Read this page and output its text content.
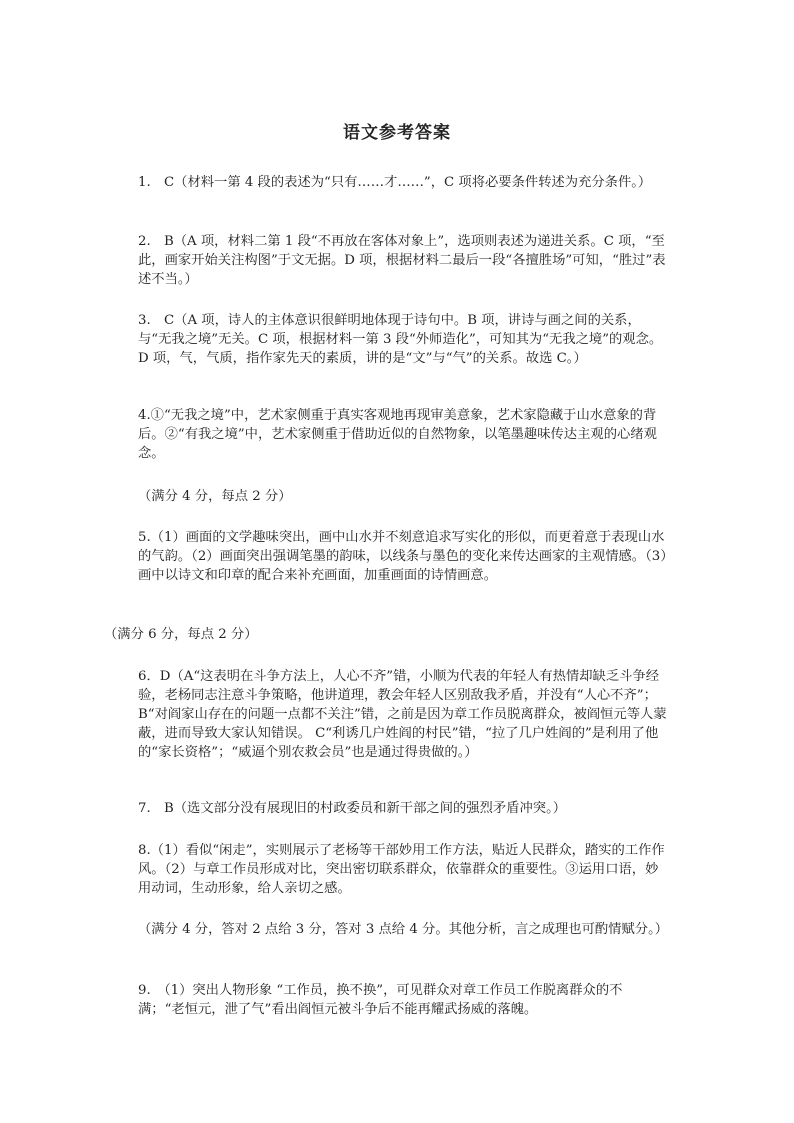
语文参考答案

1.　C（材料一第 4 段的表述为“只有……才……”，C 项将必要条件转述为充分条件。）

2.　B（A 项，材料二第 1 段“不再放在客体对象上”，选项则表述为递进关系。C 项，“至此，画家开始关注构图”于文无据。D 项，根据材料二最后一段“各擅胜场”可知，“胜过”表述不当。）

3.　C（A 项，诗人的主体意识很鲜明地体现于诗句中。B 项，讲诗与画之间的关系，与“无我之境”无关。C 项，根据材料一第 3 段“外师造化”，可知其为“无我之境”的观念。D 项，气，气质，指作家先天的素质，讲的是“文”与“气”的关系。故选 C。）

4.①“无我之境”中，艺术家侧重于真实客观地再现审美意象，艺术家隐藏于山水意象的背后。②“有我之境”中，艺术家侧重于借助近似的自然物象，以笔墨趣味传达主观的心绪观念。

（满分 4 分，每点 2 分）

5.（1）画面的文学趣味突出，画中山水并不刻意追求写实化的形似，而更着意于表现山水的气韵。（2）画面突出强调笔墨的韵味，以线条与墨色的变化来传达画家的主观情感。（3）画中以诗文和印章的配合来补充画面，加重画面的诗情画意。

（满分 6 分，每点 2 分）

6．D（A“这表明在斗争方法上，人心不齐”错，小顺为代表的年轻人有热情却缺乏斗争经验，老杨同志注意斗争策略，他讲道理，教会年轻人区别敌我矛盾，并没有“人心不齐”；B“对阎家山存在的问题一点都不关注”错，之前是因为章工作员脱离群众，被阎恒元等人蒙蔽，进而导致大家认知错误。 C“利诱几户姓阎的村民”错，“拉了几户姓阎的”是利用了他的“家长资格”；“威逼个别农救会员”也是通过得贵做的。）

7.　B（选文部分没有展现旧的村政委员和新干部之间的强烈矛盾冲突。）

8.（1）看似“闲走”，实则展示了老杨等干部妙用工作方法，贴近人民群众，踏实的工作作风。（2）与章工作员形成对比，突出密切联系群众，依靠群众的重要性。③运用口语，妙用动词，生动形象，给人亲切之感。

（满分 4 分，答对 2 点给 3 分，答对 3 点给 4 分。其他分析，言之成理也可酌情赋分。）

9.　（1）突出人物形象 “工作员，换不换”，可见群众对章工作员工作脱离群众的不满；“老恒元，泄了气”看出阎恒元被斗争后不能再耀武扬威的落魄。
